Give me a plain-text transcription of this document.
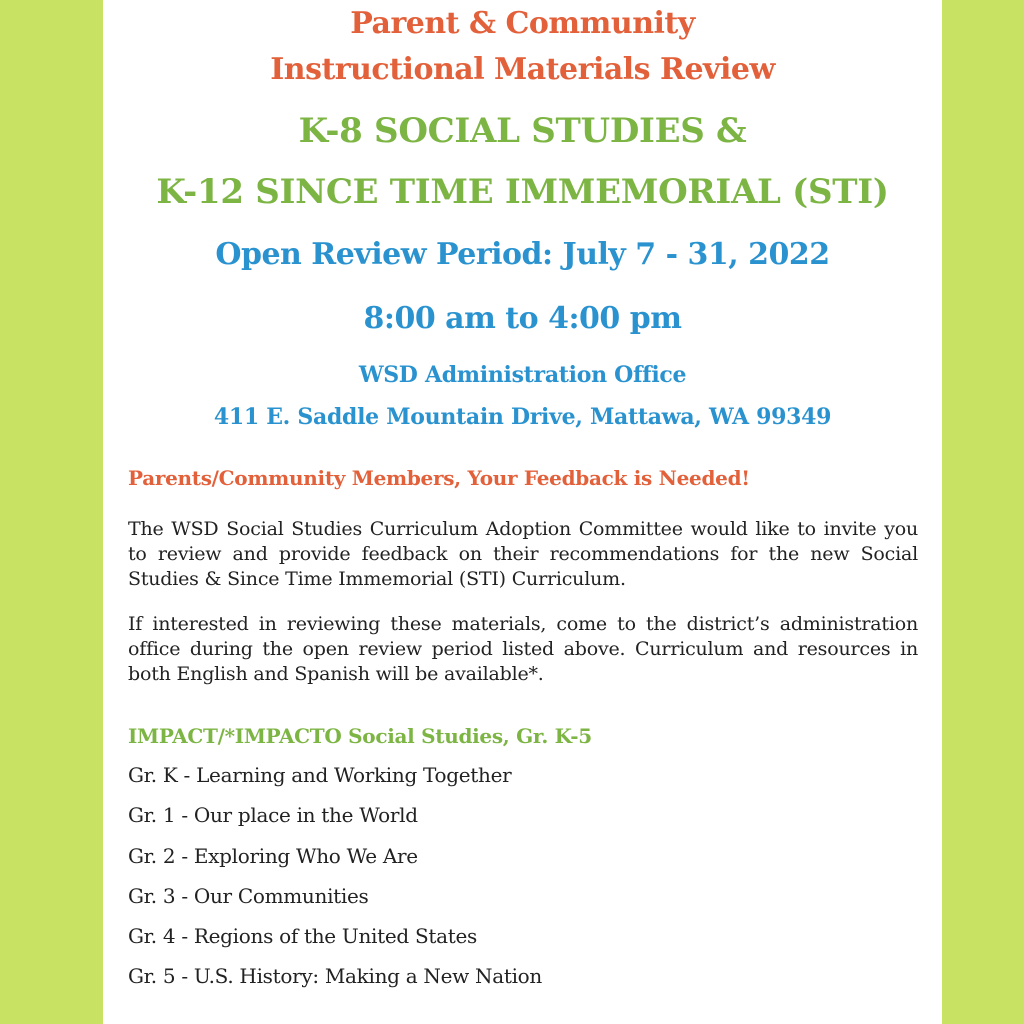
Parent & Community
Instructional Materials Review
K-8 SOCIAL STUDIES &
K-12 SINCE TIME IMMEMORIAL (STI)
Open Review Period: July 7 - 31, 2022
8:00 am to 4:00 pm
WSD Administration Office
411 E. Saddle Mountain Drive, Mattawa, WA 99349
Parents/Community Members, Your Feedback is Needed!
The WSD Social Studies Curriculum Adoption Committee would like to invite you to review and provide feedback on their recommendations for the new Social Studies & Since Time Immemorial (STI) Curriculum.
If interested in reviewing these materials, come to the district’s administration office during the open review period listed above. Curriculum and resources in both English and Spanish will be available*.
IMPACT/*IMPACTO Social Studies, Gr. K-5
Gr. K - Learning and Working Together
Gr. 1 - Our place in the World
Gr. 2 - Exploring Who We Are
Gr. 3 - Our Communities
Gr. 4 - Regions of the United States
Gr. 5 - U.S. History: Making a New Nation
